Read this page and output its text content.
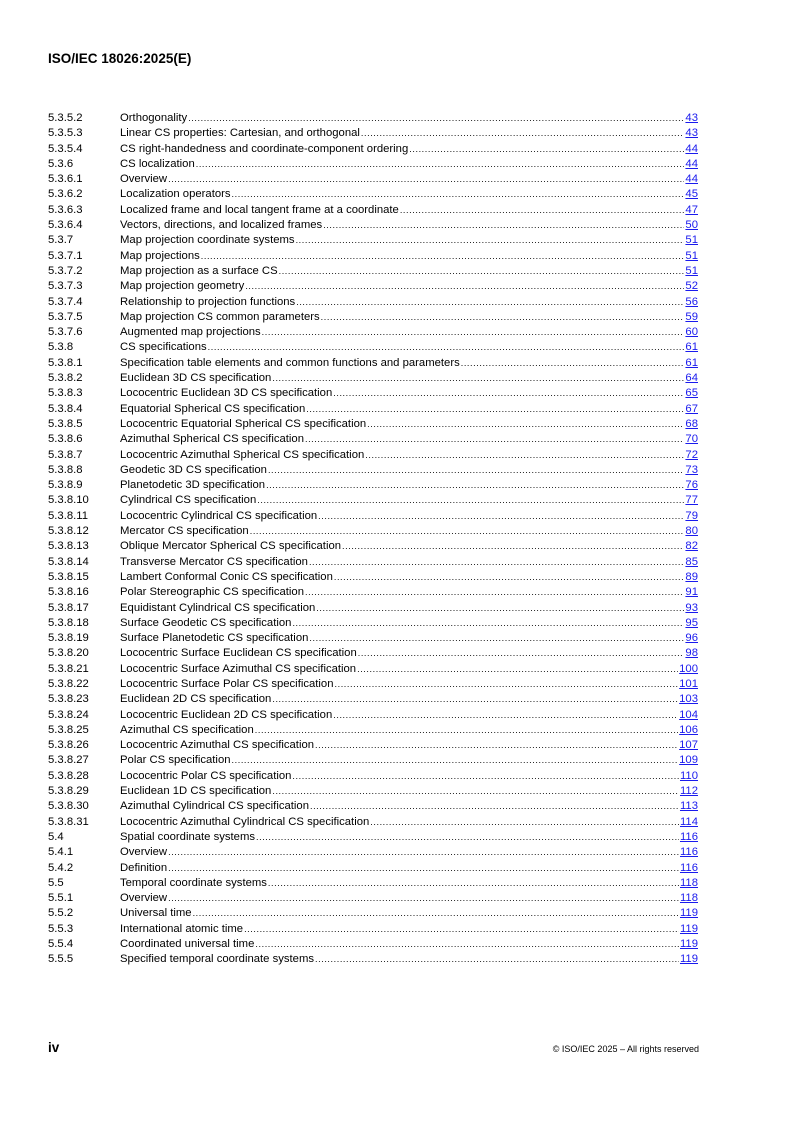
ISO/IEC 18026:2025(E)
5.3.5.2	Orthogonality .....	43
5.3.5.3	Linear CS properties: Cartesian, and orthogonal .....	43
5.3.5.4	CS right-handedness and coordinate-component ordering .....	44
5.3.6	CS localization .....	44
5.3.6.1	Overview .....	44
5.3.6.2	Localization operators .....	45
5.3.6.3	Localized frame and local tangent frame at a coordinate .....	47
5.3.6.4	Vectors, directions, and localized frames .....	50
5.3.7	Map projection coordinate systems .....	51
5.3.7.1	Map projections .....	51
5.3.7.2	Map projection as a surface CS .....	51
5.3.7.3	Map projection geometry .....	52
5.3.7.4	Relationship to projection functions .....	56
5.3.7.5	Map projection CS common parameters .....	59
5.3.7.6	Augmented map projections .....	60
5.3.8	CS specifications .....	61
5.3.8.1	Specification table elements and common functions and parameters .....	61
5.3.8.2	Euclidean 3D CS specification .....	64
5.3.8.3	Lococentric Euclidean 3D CS specification .....	65
5.3.8.4	Equatorial Spherical CS specification .....	67
5.3.8.5	Lococentric Equatorial Spherical CS specification .....	68
5.3.8.6	Azimuthal Spherical CS specification .....	70
5.3.8.7	Lococentric Azimuthal Spherical CS specification .....	72
5.3.8.8	Geodetic 3D CS specification .....	73
5.3.8.9	Planetodetic 3D specification .....	76
5.3.8.10	Cylindrical CS specification .....	77
5.3.8.11	Lococentric Cylindrical CS specification .....	79
5.3.8.12	Mercator CS specification .....	80
5.3.8.13	Oblique Mercator Spherical CS specification .....	82
5.3.8.14	Transverse Mercator CS specification .....	85
5.3.8.15	Lambert Conformal Conic CS specification .....	89
5.3.8.16	Polar Stereographic CS specification .....	91
5.3.8.17	Equidistant Cylindrical CS specification .....	93
5.3.8.18	Surface Geodetic CS specification .....	95
5.3.8.19	Surface Planetodetic CS specification .....	96
5.3.8.20	Lococentric Surface Euclidean CS specification .....	98
5.3.8.21	Lococentric Surface Azimuthal CS specification .....	100
5.3.8.22	Lococentric Surface Polar CS specification .....	101
5.3.8.23	Euclidean 2D CS specification .....	103
5.3.8.24	Lococentric Euclidean 2D CS specification .....	104
5.3.8.25	Azimuthal CS specification .....	106
5.3.8.26	Lococentric Azimuthal CS specification .....	107
5.3.8.27	Polar CS specification .....	109
5.3.8.28	Lococentric Polar CS specification .....	110
5.3.8.29	Euclidean 1D CS specification .....	112
5.3.8.30	Azimuthal Cylindrical CS specification .....	113
5.3.8.31	Lococentric Azimuthal Cylindrical CS specification .....	114
5.4	Spatial coordinate systems .....	116
5.4.1	Overview .....	116
5.4.2	Definition .....	116
5.5	Temporal coordinate systems .....	118
5.5.1	Overview .....	118
5.5.2	Universal time .....	119
5.5.3	International atomic time .....	119
5.5.4	Coordinated universal time .....	119
5.5.5	Specified temporal coordinate systems .....	119
iv	© ISO/IEC 2025 – All rights reserved
